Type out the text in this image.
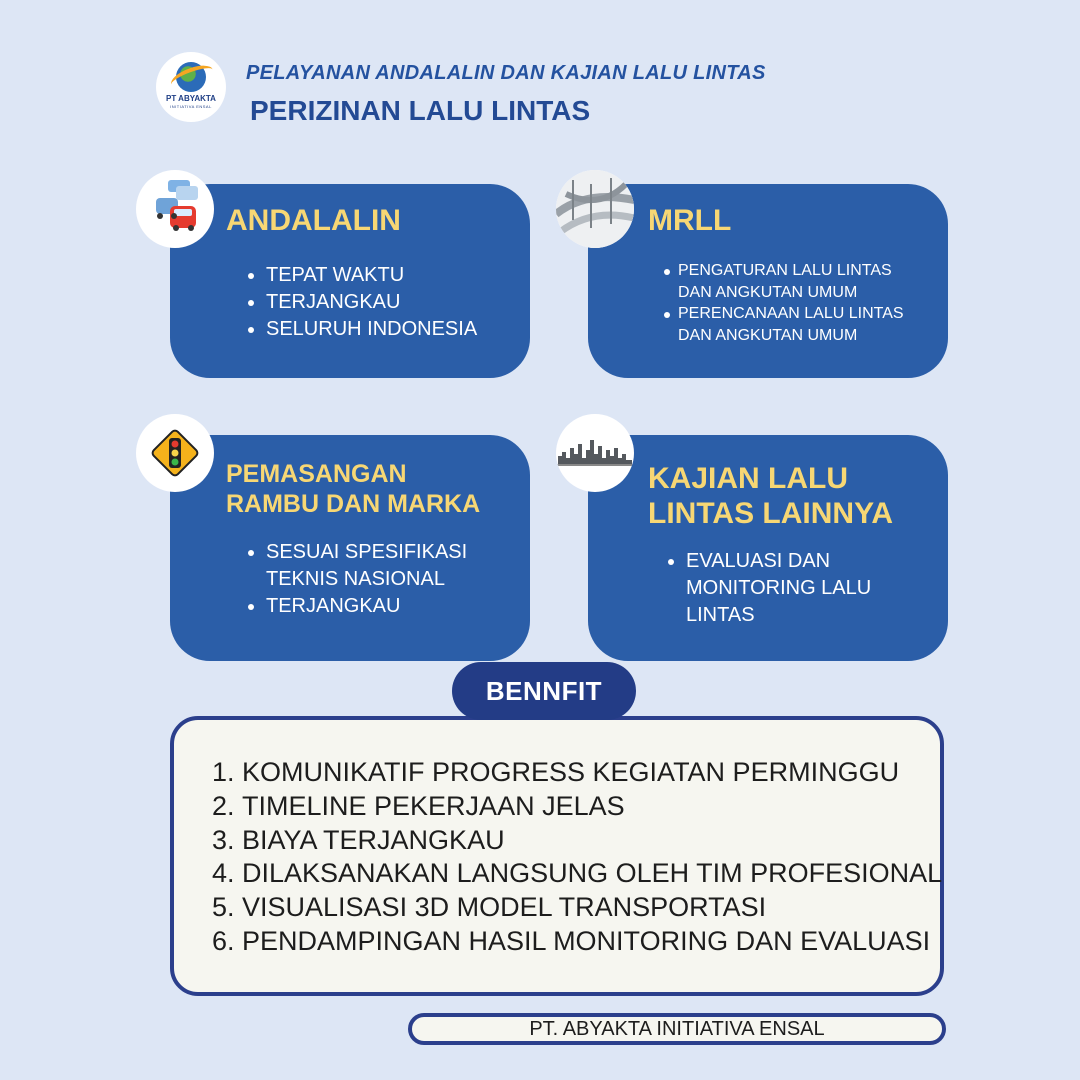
PT ABYAKTA
INITIATIVA ENSAL
PELAYANAN ANDALALIN DAN KAJIAN LALU LINTAS
PERIZINAN LALU LINTAS
ANDALALIN
TEPAT WAKTU
TERJANGKAU
SELURUH INDONESIA
MRLL
PENGATURAN LALU LINTAS DAN ANGKUTAN UMUM
PERENCANAAN LALU LINTAS DAN ANGKUTAN UMUM
PEMASANGAN
RAMBU DAN MARKA
SESUAI SPESIFIKASI TEKNIS NASIONAL
TERJANGKAU
KAJIAN LALU
LINTAS LAINNYA
EVALUASI DAN MONITORING LALU LINTAS
1. KOMUNIKATIF PROGRESS KEGIATAN PERMINGGU
2. TIMELINE PEKERJAAN JELAS
3. BIAYA TERJANGKAU
4. DILAKSANAKAN LANGSUNG OLEH TIM PROFESIONAL
5. VISUALISASI 3D MODEL TRANSPORTASI
6. PENDAMPINGAN HASIL MONITORING DAN EVALUASI
BENNFIT
PT. ABYAKTA INITIATIVA ENSAL
